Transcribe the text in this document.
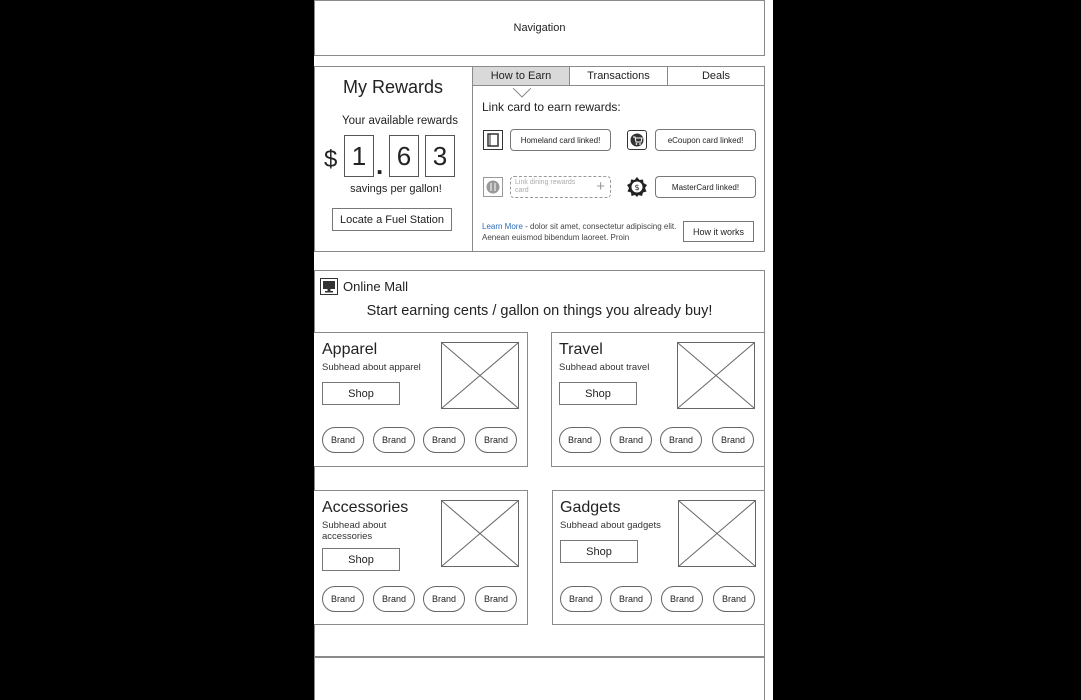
Navigation
My Rewards
Your available rewards
$ 1 . 6 3
savings per gallon!
Locate a Fuel Station
How to Earn	Transactions	Deals
Link card to earn rewards:
Homeland card linked!	eCoupon card linked!
Link dining rewards card	+	$	MasterCard linked!
Learn More - dolor sit amet, consectetur adipiscing elit. Aenean euismod bibendum laoreet. Proin
How it works
Online Mall
Start earning cents / gallon on things you already buy!
Apparel
Subhead about apparel
Shop
Brand	Brand	Brand	Brand
Travel
Subhead about travel
Shop
Brand	Brand	Brand	Brand
Accessories
Subhead about accessories
Shop
Brand	Brand	Brand	Brand
Gadgets
Subhead about gadgets
Shop
Brand	Brand	Brand	Brand
